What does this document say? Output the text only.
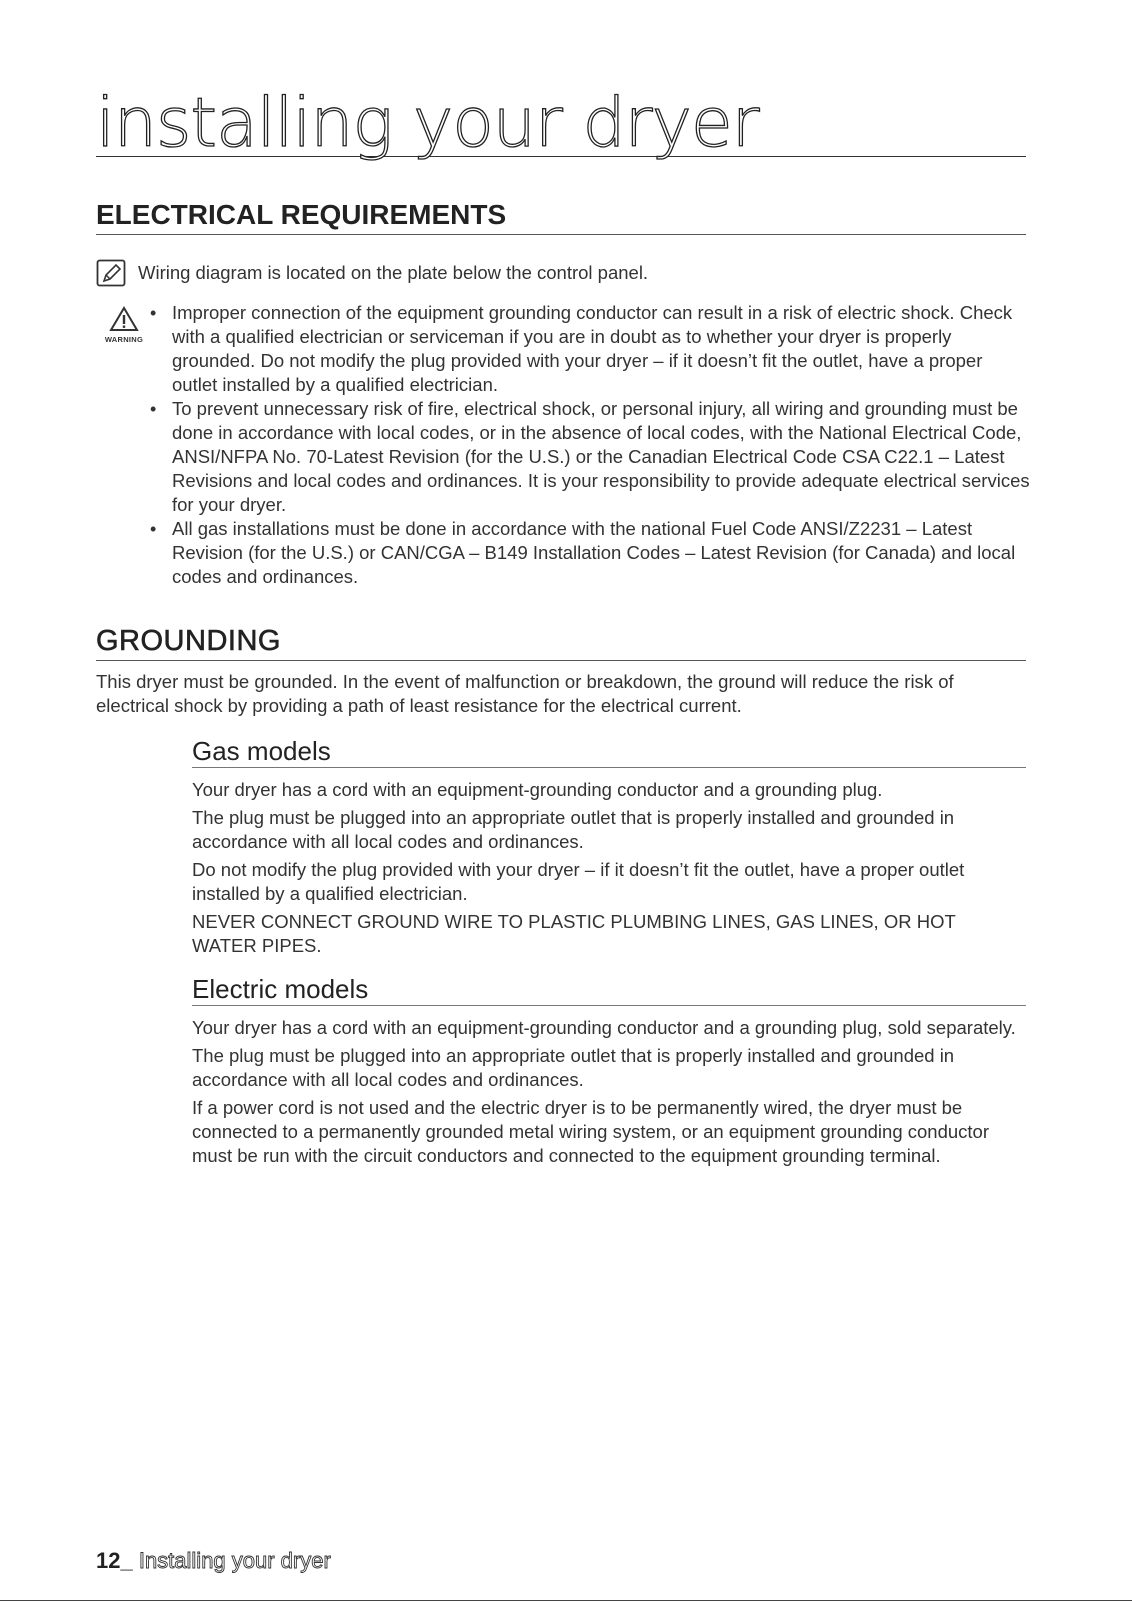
installing your dryer
ELECTRICAL REQUIREMENTS
Wiring diagram is located on the plate below the control panel.
WARNING
• Improper connection of the equipment grounding conductor can result in a risk of electric shock. Check with a qualified electrician or serviceman if you are in doubt as to whether your dryer is properly grounded. Do not modify the plug provided with your dryer – if it doesn’t fit the outlet, have a proper outlet installed by a qualified electrician.
• To prevent unnecessary risk of fire, electrical shock, or personal injury, all wiring and grounding must be done in accordance with local codes, or in the absence of local codes, with the National Electrical Code, ANSI/NFPA No. 70-Latest Revision (for the U.S.) or the Canadian Electrical Code CSA C22.1 – Latest Revisions and local codes and ordinances. It is your responsibility to provide adequate electrical services for your dryer.
• All gas installations must be done in accordance with the national Fuel Code ANSI/Z2231 – Latest Revision (for the U.S.) or CAN/CGA – B149 Installation Codes – Latest Revision (for Canada) and local codes and ordinances.
GROUNDING
This dryer must be grounded. In the event of malfunction or breakdown, the ground will reduce the risk of electrical shock by providing a path of least resistance for the electrical current.
Gas models

Your dryer has a cord with an equipment-grounding conductor and a grounding plug.

The plug must be plugged into an appropriate outlet that is properly installed and grounded in accordance with all local codes and ordinances.

Do not modify the plug provided with your dryer – if it doesn’t fit the outlet, have a proper outlet installed by a qualified electrician.

NEVER CONNECT GROUND WIRE TO PLASTIC PLUMBING LINES, GAS LINES, OR HOT WATER PIPES.

Electric models

Your dryer has a cord with an equipment-grounding conductor and a grounding plug, sold separately.

The plug must be plugged into an appropriate outlet that is properly installed and grounded in accordance with all local codes and ordinances.

If a power cord is not used and the electric dryer is to be permanently wired, the dryer must be connected to a permanently grounded metal wiring system, or an equipment grounding conductor must be run with the circuit conductors and connected to the equipment grounding terminal.

12_ Installing your dryer
